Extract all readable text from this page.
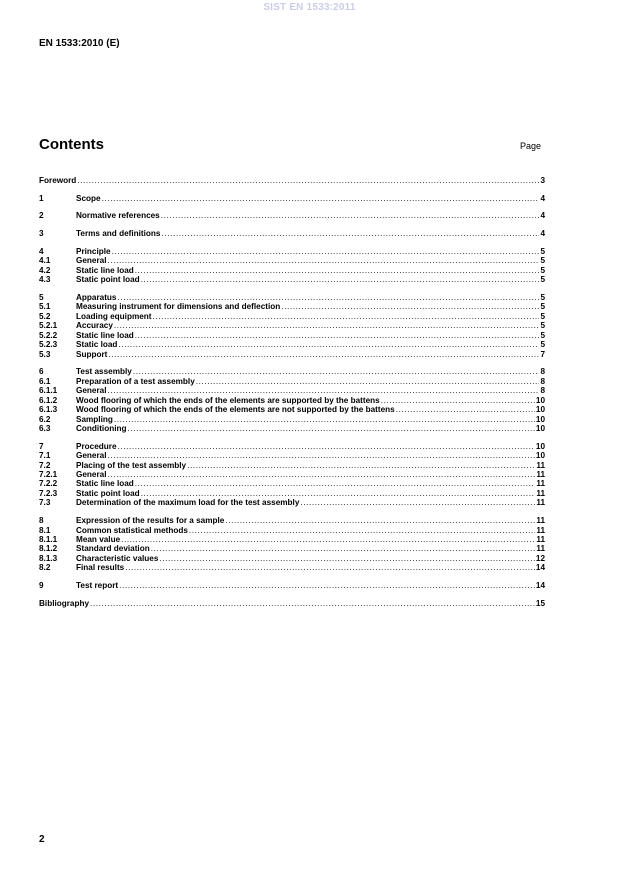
SIST EN 1533:2011
EN 1533:2010 (E)
Contents	Page
Foreword .....	3
1	Scope .....	4
2	Normative references .....	4
3	Terms and definitions .....	4
4	Principle .....	5
4.1	General .....	5
4.2	Static line load .....	5
4.3	Static point load .....	5
5	Apparatus .....	5
5.1	Measuring instrument for dimensions and deflection .....	5
5.2	Loading equipment .....	5
5.2.1	Accuracy .....	5
5.2.2	Static line load .....	5
5.2.3	Static load .....	5
5.3	Support .....	7
6	Test assembly .....	8
6.1	Preparation of a test assembly .....	8
6.1.1	General .....	8
6.1.2	Wood flooring of which the ends of the elements are supported by the battens .....	10
6.1.3	Wood flooring of which the ends of the elements are not supported by the battens .....	10
6.2	Sampling .....	10
6.3	Conditioning .....	10
7	Procedure .....	10
7.1	General .....	10
7.2	Placing of the test assembly .....	11
7.2.1	General .....	11
7.2.2	Static line load .....	11
7.2.3	Static point load .....	11
7.3	Determination of the maximum load for the test assembly .....	11
8	Expression of the results for a sample .....	11
8.1	Common statistical methods .....	11
8.1.1	Mean value .....	11
8.1.2	Standard deviation .....	11
8.1.3	Characteristic values .....	12
8.2	Final results .....	14
9	Test report .....	14
Bibliography .....	15
2
